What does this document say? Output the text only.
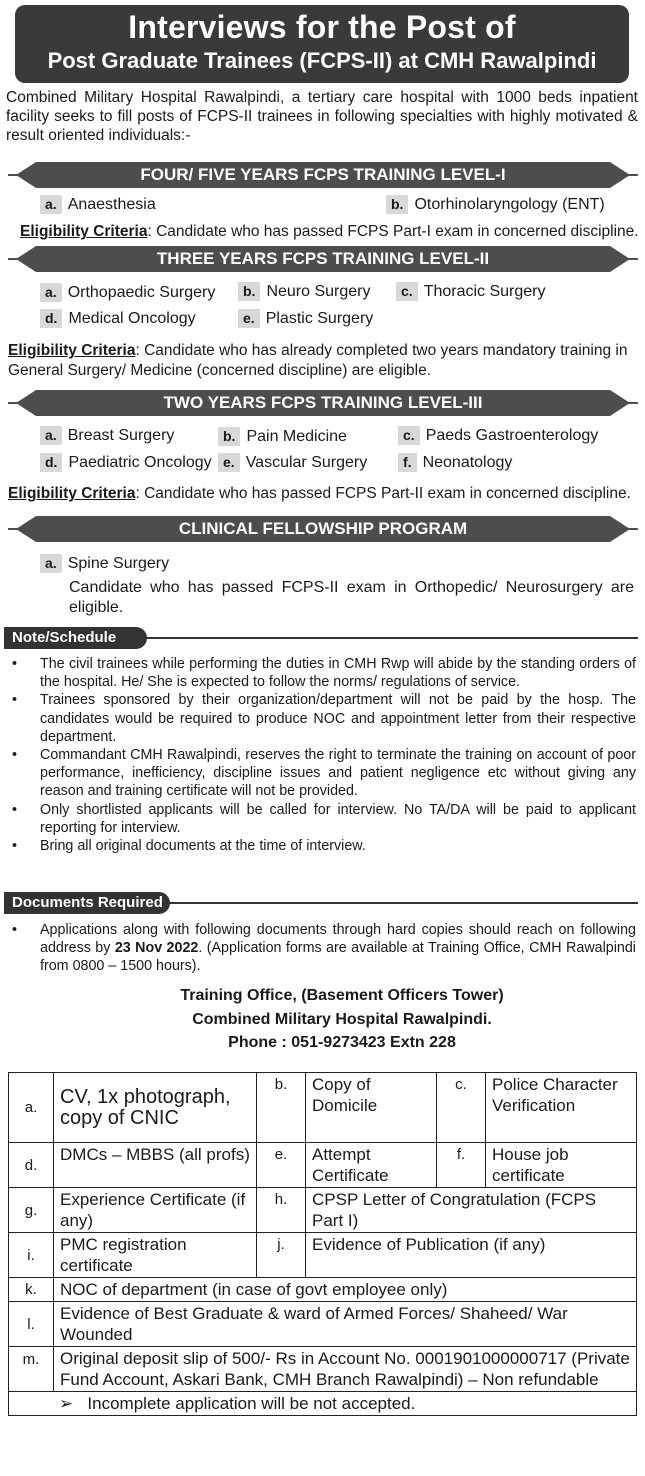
Interviews for the Post of
Post Graduate Trainees (FCPS-II) at CMH Rawalpindi
Combined Military Hospital Rawalpindi, a tertiary care hospital with 1000 beds inpatient facility seeks to fill posts of FCPS-II trainees in following specialties with highly motivated & result oriented individuals:-
FOUR/ FIVE YEARS FCPS TRAINING LEVEL-I
a. Anaesthesia	b. Otorhinolaryngology (ENT)
Eligibility Criteria: Candidate who has passed FCPS Part-I exam in concerned discipline.
THREE YEARS FCPS TRAINING LEVEL-II
a. Orthopaedic Surgery	b. Neuro Surgery	c. Thoracic Surgery
d. Medical Oncology	e. Plastic Surgery
Eligibility Criteria: Candidate who has already completed two years mandatory training in General Surgery/ Medicine (concerned discipline) are eligible.
TWO YEARS FCPS TRAINING LEVEL-III
a. Breast Surgery	b. Pain Medicine	c. Paeds Gastroenterology
d. Paediatric Oncology e. Vascular Surgery	f. Neonatology
Eligibility Criteria: Candidate who has passed FCPS Part-II exam in concerned discipline.
CLINICAL FELLOWSHIP PROGRAM
a. Spine Surgery
Candidate who has passed FCPS-II exam in Orthopedic/ Neurosurgery are eligible.
Note/Schedule
• The civil trainees while performing the duties in CMH Rwp will abide by the standing orders of the hospital. He/ She is expected to follow the norms/ regulations of service.
• Trainees sponsored by their organization/department will not be paid by the hosp. The candidates would be required to produce NOC and appointment letter from their respective department.
• Commandant CMH Rawalpindi, reserves the right to terminate the training on account of poor performance, inefficiency, discipline issues and patient negligence etc without giving any reason and training certificate will not be provided.
• Only shortlisted applicants will be called for interview. No TA/DA will be paid to applicant reporting for interview.
• Bring all original documents at the time of interview.
Documents Required
• Applications along with following documents through hard copies should reach on following address by 23 Nov 2022. (Application forms are available at Training Office, CMH Rawalpindi from 0800 – 1500 hours).
Training Office, (Basement Officers Tower)
Combined Military Hospital Rawalpindi.
Phone : 051-9273423 Extn 228
a.	CV, 1x photograph, copy of CNIC	b.	Copy of Domicile	c.	Police Character Verification
d.	DMCs – MBBS (all profs)	e.	Attempt Certificate	f.	House job certificate
g.	Experience Certificate (if any)	h.	CPSP Letter of Congratulation (FCPS Part I)		
i.	PMC registration certificate	j.	Evidence of Publication (if any)		
k.	NOC of department (in case of govt employee only)				
l.	Evidence of Best Graduate & ward of Armed Forces/ Shaheed/ War Wounded				
m.	Original deposit slip of 500/- Rs in Account No. 0001901000000717 (Private Fund Account, Askari Bank, CMH Branch Rawalpindi) – Non refundable				
➢ Incomplete application will be not accepted.					
